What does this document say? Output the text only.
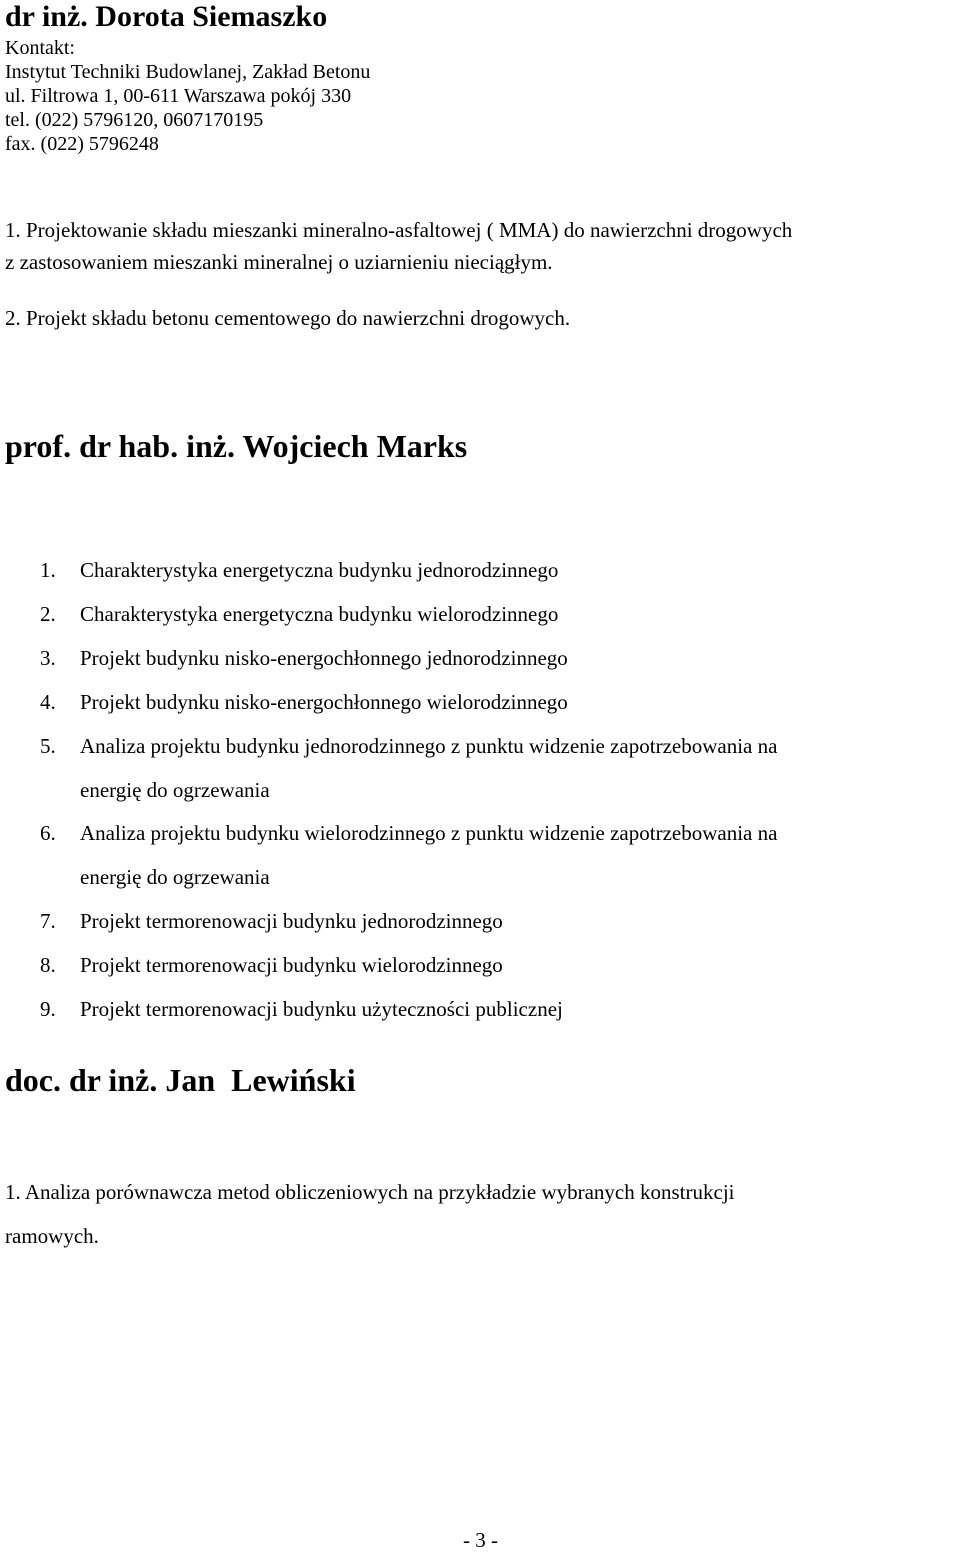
dr inż. Dorota Siemaszko
Kontakt:
Instytut Techniki Budowlanej, Zakład Betonu
ul. Filtrowa 1, 00-611 Warszawa pokój 330
tel. (022) 5796120, 0607170195
fax. (022) 5796248
1. Projektowanie składu mieszanki mineralno-asfaltowej ( MMA) do nawierzchni drogowych
z zastosowaniem mieszanki mineralnej o uziarnieniu nieciągłym.
2. Projekt składu betonu cementowego do nawierzchni drogowych.
prof. dr hab. inż. Wojciech Marks
1. Charakterystyka energetyczna budynku jednorodzinnego
2. Charakterystyka energetyczna budynku wielorodzinnego
3. Projekt budynku nisko-energochłonnego jednorodzinnego
4. Projekt budynku nisko-energochłonnego wielorodzinnego
5. Analiza projektu budynku jednorodzinnego z punktu widzenie zapotrzebowania na
energię do ogrzewania
6. Analiza projektu budynku wielorodzinnego z punktu widzenie zapotrzebowania na
energię do ogrzewania
7. Projekt termorenowacji budynku jednorodzinnego
8. Projekt termorenowacji budynku wielorodzinnego
9. Projekt termorenowacji budynku użyteczności publicznej
doc. dr inż. Jan  Lewiński
1. Analiza porównawcza metod obliczeniowych na przykładzie wybranych konstrukcji
ramowych.
- 3 -
